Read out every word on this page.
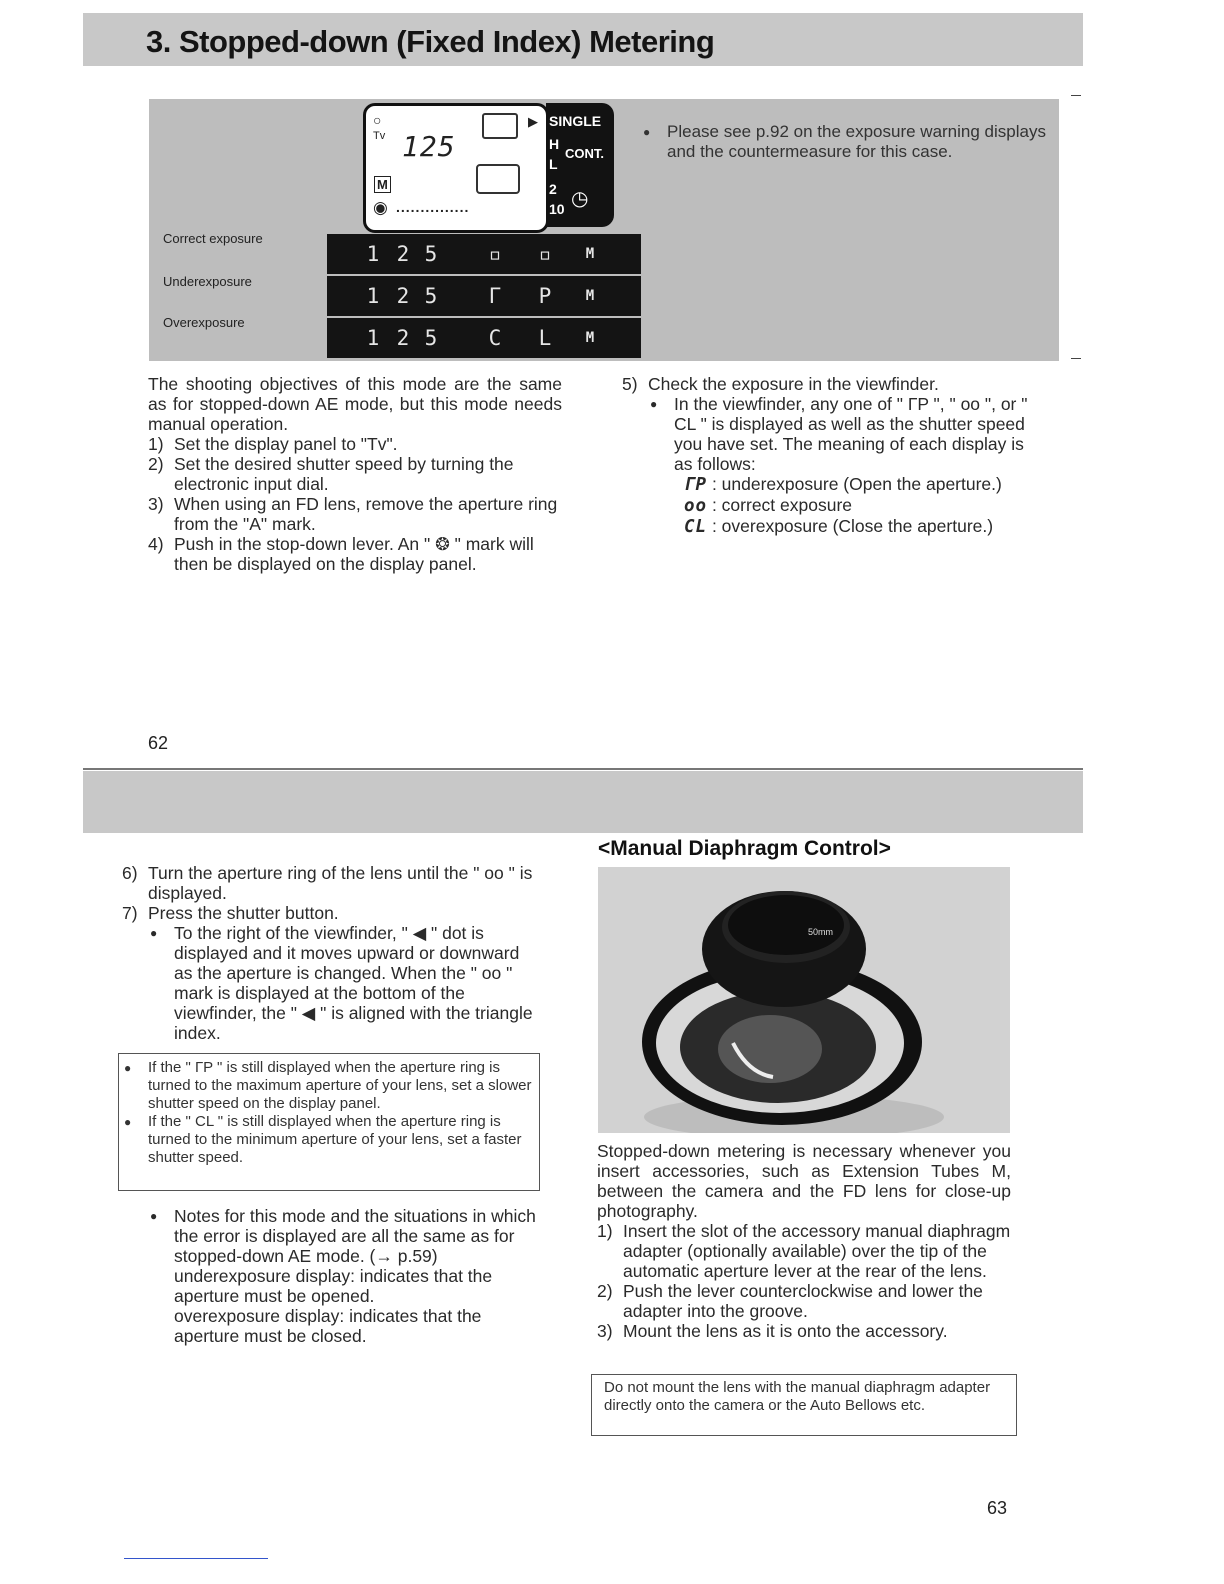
3. Stopped-down (Fixed Index) Metering
○
Tv 125
▶
M
◉ ...............
SINGLE
H
CONT.
L
2
10 ◷
Correct exposure
Underexposure
Overexposure
1 2 5	▫	▫	M
1 2 5	Г	P	M
1 2 5	C	L	M
● Please see p.92 on the exposure warning displays and the countermeasure for this case.

The shooting objectives of this mode are the same as for stopped-down AE mode, but this mode needs manual operation.

1) Set the display panel to "Tv".
2) Set the desired shutter speed by turning the electronic input dial.
3) When using an FD lens, remove the aperture ring from the "A" mark.
4) Push in the stop-down lever. An " ❂ " mark will then be displayed on the display panel.
5) Check the exposure in the viewfinder.
● In the viewfinder, any one of " ГP ", " oo ", or " CL " is displayed as well as the shutter speed you have set. The meaning of each display is as follows:
ГP : underexposure (Open the aperture.)
oo : correct exposure
CL : overexposure (Close the aperture.)
62
6) Turn the aperture ring of the lens until the " oo " is displayed.
7) Press the shutter button.
● To the right of the viewfinder, " ◀ " dot is displayed and it moves upward or downward as the aperture is changed. When the " oo " mark is displayed at the bottom of the viewfinder, the " ◀ " is aligned with the triangle index.
● If the " ГP " is still displayed when the aperture ring is turned to the maximum aperture of your lens, set a slower shutter speed on the display panel.
● If the " CL " is still displayed when the aperture ring is turned to the minimum aperture of your lens, set a faster shutter speed.
● Notes for this mode and the situations in which the error is displayed are all the same as for stopped-down AE mode. (→ p.59)

underexposure display: indicates that the aperture must be opened.

overexposure display: indicates that the aperture must be closed.

<Manual Diaphragm Control>
50mm

Stopped-down metering is necessary whenever you insert accessories, such as Extension Tubes M, between the camera and the FD lens for close-up photography.

1) Insert the slot of the accessory manual diaphragm adapter (optionally available) over the tip of the automatic aperture lever at the rear of the lens.
2) Push the lever counterclockwise and lower the adapter into the groove.
3) Mount the lens as it is onto the accessory.
Do not mount the lens with the manual diaphragm adapter directly onto the camera or the Auto Bellows etc.
63
